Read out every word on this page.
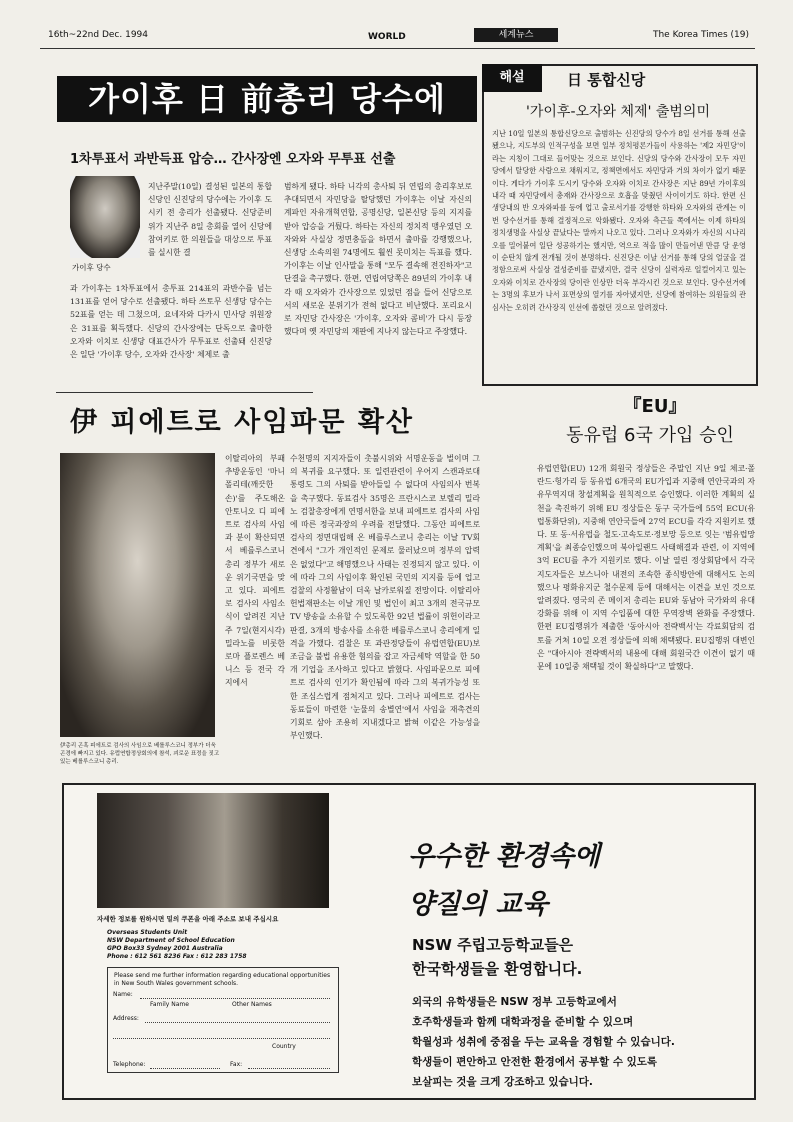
16th~22nd Dec. 1994	WORLD	세계뉴스	The Korea Times (19)
가이후 日 前총리 당수에
1차투표서 과반득표 압승… 간사장엔 오자와 무투표 선출
가이후 당수

지난주말(10일) 결성된 일본의 통합신당인 신진당의 당수에는 가이후 도시키 전 총리가 선출됐다. 신당준비위가 지난주 8일 총회를 열어 신당에 참여키로 한 의원들을 대상으로 투표를 실시한 결

과 가이후는 1차투표에서 총투표 214표의 과반수를 넘는 131표를 얻어 당수로 선출됐다. 하타 쓰토무 신생당 당수는 52표를 얻는 데 그쳤으며, 요네자와 다카시 민사당 위원장은 31표를 획득했다. 신당의 간사장에는 단독으로 출마한 오자와 이치로 신생당 대표간사가 무투표로 선출돼 신진당은 일단 '가이후 당수, 오자와 간사장' 체제로 출

범하게 됐다. 하타 니각의 총사퇴 뒤 연립의 총리후보로 추대되면서 자민당을 탈당했던 가이후는 이날 자신의 계파인 자유개혁연합, 공명신당, 일본신당 등의 지지를 받아 압승을 거뒀다. 하타는 자신의 정치적 맹우였던 오자와와 사실상 정면충돌을 하면서 출마를 강행했으나, 신생당 소속의원 74명에도 훨씬 못미치는 득표를 했다. 가이후는 이날 인사말을 통해 "모두 결속해 전진하자"고 단결을 촉구했다. 한편, 연립여당쪽은 89년의 가이후 내각 때 오자와가 간사장으로 있었던 점을 들어 신당으로서의 새로운 분위기가 전혀 없다고 비난했다. 포리요시로 자민당 간사장은 '가이후, 오자와 콤비'가 다시 등장했다며 옛 자민당의 재판에 지나지 않는다고 주장했다.

해설	日 통합신당
'가이후-오자와 체제' 출범의미

지난 10일 일본의 통합신당으로 출범하는 신진당의 당수가 8일 선거를 통해 선출됐으나, 지도부의 인적구성을 보면 일부 정치평론가들이 사용하는 '제2 자민당'이라는 지칭이 그대로 들어맞는 것으로 보인다. 신당의 당수와 간사장이 모두 자민당에서 탈당한 사람으로 채워지고, 정책면에서도 자민당과 거의 차이가 없기 때문이다. 게다가 가이후 도시키 당수와 오자와 이치로 간사장은 지난 89년 가이후의 내각 때 자민당에서 총재와 간사장으로 호흡을 맞췄던 사이이기도 하다. 한편 신생당내의 반 오자와파를 등에 업고 출로서기를 강행한 하타와 오자와의 관계는 이번 당수선거를 통해 결정적으로 악화됐다. 오자와 측근들 쪽에서는 이제 하타의 정치생명을 사실상 끝났다는 말까지 나오고 있다. 그러나 오자와가 자신의 시나리오를 밀어붙여 일단 성공하기는 했지만, 역으로 적을 많이 만들어낸 만큼 당 운영이 순탄치 않게 전개될 것이 분명하다. 신진당은 이날 선거를 통해 당의 얼굴을 결정함으로써 사실상 결성준비를 끝냈지만, 결국 신당이 실력자로 일컬어지고 있는 오자와 이치로 간사장의 당이란 인상만 더욱 부각시킨 것으로 보인다. 당수선거에는 3명의 후보가 나서 표면상의 열기를 자아냈지만, 신당에 참여하는 의원들의 관심사는 오히려 간사장직 인선에 쏠렸던 것으로 알려졌다.

伊 피에트로 사임파문 확산
伊총리 곤혹 피에트로 검사의 사임으로 베를루스코니 정부가 더욱 곤경에 빠지고 있다. 유럽연합정상회의에 참석, 괴로운 표정을 짓고 있는 베를루스코니 총리.

이탈리아의 부패추방운동인 '마니 폴리테(깨끗한 손)'를 주도해온 안토니오 디 피에트로 검사의 사임과 분이 확산되면서 베를루스코니 총리 정부가 새로운 위기국면을 맞고 있다. 피에트로 검사의 사임소식이 알려진 지난주 7일(현지시각) 밀라노를 비롯한 로마 플로렌스 베니스 등 전국 각지에서

수천명의 지지자들이 촛불시위와 서명운동을 벌이며 그의 복귀를 요구했다. 또 일련관련이 우어지 스캔과로대통령도 그의 사퇴를 받아들일 수 없다며 사임의사 번복을 촉구했다. 동료검사 35명은 프란시스코 보렐리 밀라노 검찰총장에게 연명서한을 보내 피에트로 검사의 사임에 따른 정국과장의 우려를 전달했다. 그동안 피에트로 검사의 정면대립해 온 베를루스코니 총리는 이날 TV회견에서 "그가 개인적인 문제로 물러났으며 정부의 압력은 없었다"고 해명했으나 사태는 진정되지 않고 있다. 이에 따라 그의 사임이후 확인된 국민의 지지를 등에 업고 검찰의 사정활남이 더욱 날카로워질 전망이다. 이탈리아헌법재판소는 이날 개인 및 법인이 최고 3개의 전국규모 TV 방송을 소유할 수 있도록한 92년 법률이 위헌이라고 판결, 3개의 방송사를 소유한 베를루스코니 총리에게 일격을 가했다. 검찰은 또 과관정당들이 유럽연합(EU)보조금을 불법 유용한 혐의를 잡고 자금세탁 역할을 한 50개 기업을 조사하고 있다고 밝혔다. 사임파문으로 피에트로 검사의 인기가 확인됨에 따라 그의 복귀가능성 또한 조심스럽게 점쳐지고 있다. 그러나 피에트로 검사는 동료들이 마련한 '눈물의 송별연'에서 사임을 재촉견의 기회로 삼아 조용히 지내겠다고 밝혀 이같은 가능성을 부인했다.

『EU』
동유럽 6국 가입 승인

유럽연합(EU) 12개 회원국 정상들은 주말인 지난 9일 체코·폴란드·헝가리 등 동유럽 6개국의 EU가입과 지중해 연안국과의 자유무역지대 창설계획을 원칙적으로 승인했다. 이러한 계획의 실천을 촉진하기 위해 EU 정상들은 동구 국가들에 55억 ECU(유럽통화단위), 지중해 연안국들에 27억 ECU를 각각 지원키로 했다. 또 동·서유럽을 철도·고속도로·정보망 등으로 잇는 '범유럽망계획'을 최종승인했으며 북아일랜드 사태해결과 관련, 이 지역에 3억 ECU를 추가 지원키로 했다. 이날 열린 정상회담에서 각국 지도자들은 보스니아 내전의 조속한 종식방안에 대해서도 논의했으나 평화유지군 철수문제 등에 대해서는 이견을 보인 것으로 알려졌다. 영국의 존 메이저 총리는 EU와 동남아 국가와의 유대강화를 위해 이 지역 수입품에 대한 무역장벽 완화를 주장했다. 한편 EU집행위가 제출한 '동아시아 전략백서'는 각료회담의 검토를 거쳐 10일 오전 정상들에 의해 채택됐다. EU집행위 대변인은 "대아시아 전략백서의 내용에 대해 회원국간 이견이 없기 때문에 10일중 채택될 것이 확실하다"고 말했다.

자세한 정보를 원하시면 밑의 쿠폰을 아래 주소로 보내 주십시요
Overseas Students Unit
NSW Department of School Education
GPO Box33 Sydney 2001 Australia
Phone : 612 561 8236 Fax : 612 283 1758
Please send me further information regarding educational opportunities in New South Wales government schools.
Name:
Family Name	Other Names
Address:
Country
Telephone:	Fax:
우수한 환경속에
양질의 교육
NSW 주립고등학교들은
한국학생들을 환영합니다.
외국의 유학생들은 NSW 정부 고등학교에서
호주학생들과 함께 대학과정을 준비할 수 있으며
학월성과 성취에 중점을 두는 교육을 경험할 수 있습니다.
학생들이 편안하고 안전한 환경에서 공부할 수 있도록
보살피는 것을 크게 강조하고 있습니다.
